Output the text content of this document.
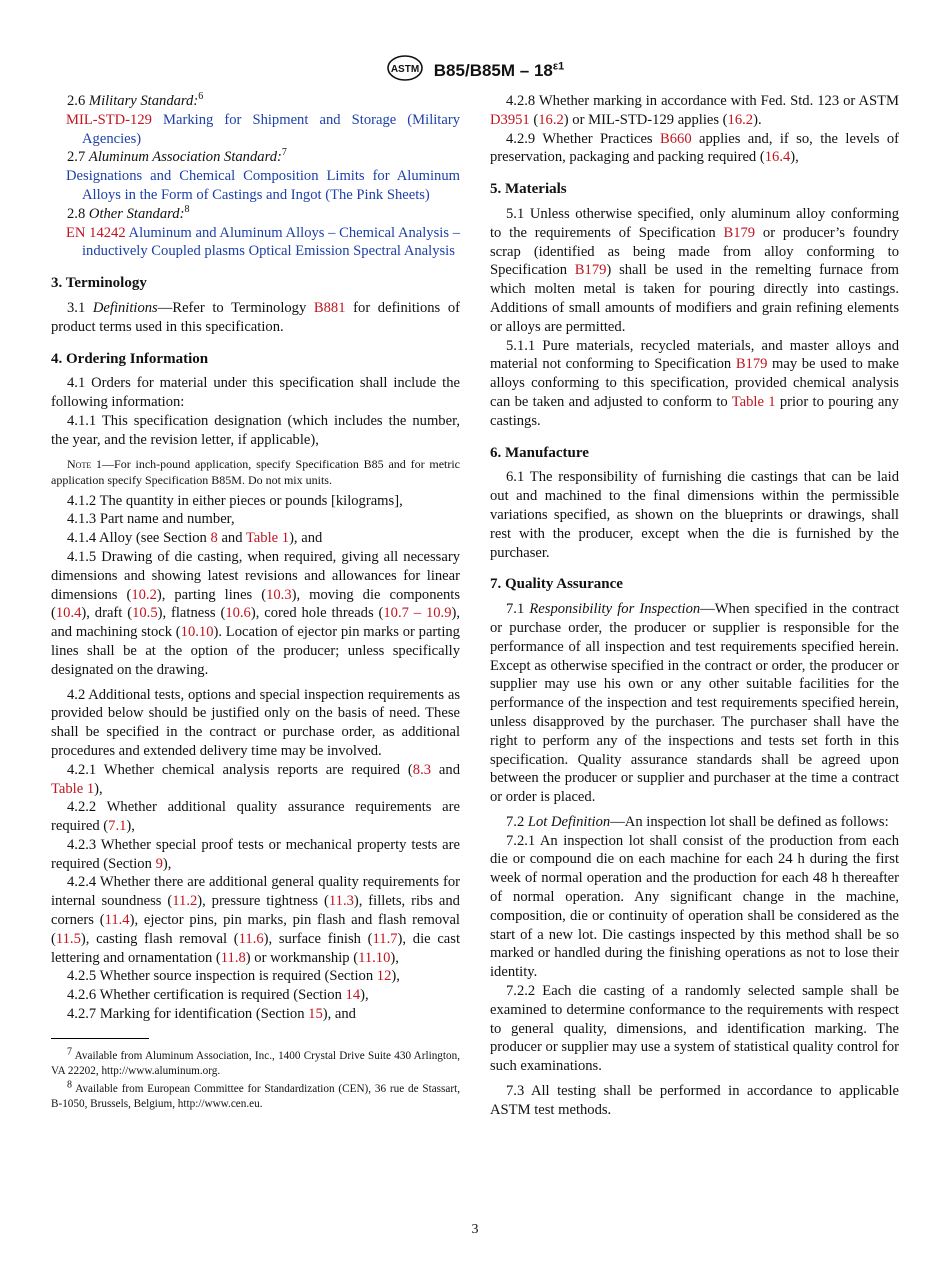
ASTM $B85/B85M - 18^{\varepsilon 1}$

2.6 Military Standard:$^6$

MIL-STD-129 Marking for Shipment and Storage (Military Agencies)

2.7 Aluminum Association Standard:$^7$

Designations and Chemical Composition Limits for Aluminum Alloys in the Form of Castings and Ingot (The Pink Sheets)

2.8 Other Standard:$^8$

EN 14242 Aluminum and Aluminum Alloys – Chemical Analysis – inductively Coupled plasms Optical Emission Spectral Analysis

3. Terminology

3.1 Definitions—Refer to Terminology B881 for definitions of product terms used in this specification.

4. Ordering Information

4.1 Orders for material under this specification shall include the following information:

4.1.1 This specification designation (which includes the number, the year, and the revision letter, if applicable),

Note 1—For inch-pound application, specify Specification B85 and for metric application specify Specification B85M. Do not mix units.

4.1.2 The quantity in either pieces or pounds [kilograms],

4.1.3 Part name and number,

4.1.4 Alloy (see Section 8 and Table 1), and

4.1.5 Drawing of die casting, when required, giving all necessary dimensions and showing latest revisions and allowances for linear dimensions (10.2), parting lines (10.3), moving die components (10.4), draft (10.5), flatness (10.6), cored hole threads (10.7 – 10.9), and machining stock (10.10). Location of ejector pin marks or parting lines shall be at the option of the producer; unless specifically designated on the drawing.

4.2 Additional tests, options and special inspection requirements as provided below should be justified only on the basis of need. These shall be specified in the contract or purchase order, as additional procedures and extended delivery time may be involved.

4.2.1 Whether chemical analysis reports are required (8.3 and Table 1),

4.2.2 Whether additional quality assurance requirements are required (7.1),

4.2.3 Whether special proof tests or mechanical property tests are required (Section 9),

4.2.4 Whether there are additional general quality requirements for internal soundness (11.2), pressure tightness (11.3), fillets, ribs and corners (11.4), ejector pins, pin marks, pin flash and flash removal (11.5), casting flash removal (11.6), surface finish (11.7), die cast lettering and ornamentation (11.8) or workmanship (11.10),

4.2.5 Whether source inspection is required (Section 12),

4.2.6 Whether certification is required (Section 14),

4.2.7 Marking for identification (Section 15), and

$^7$ Available from Aluminum Association, Inc., 1400 Crystal Drive Suite 430 Arlington, VA 22202, http://www.aluminum.org.

$^8$ Available from European Committee for Standardization (CEN), 36 rue de Stassart, B-1050, Brussels, Belgium, http://www.cen.eu.

4.2.8 Whether marking in accordance with Fed. Std. 123 or ASTM D3951 (16.2) or MIL-STD-129 applies (16.2).

4.2.9 Whether Practices B660 applies and, if so, the levels of preservation, packaging and packing required (16.4),

5. Materials

5.1 Unless otherwise specified, only aluminum alloy conforming to the requirements of Specification B179 or producer’s foundry scrap (identified as being made from alloy conforming to Specification B179) shall be used in the remelting furnace from which molten metal is taken for pouring directly into castings. Additions of small amounts of modifiers and grain refining elements or alloys are permitted.

5.1.1 Pure materials, recycled materials, and master alloys and material not conforming to Specification B179 may be used to make alloys conforming to this specification, provided chemical analysis can be taken and adjusted to conform to Table 1 prior to pouring any castings.

6. Manufacture

6.1 The responsibility of furnishing die castings that can be laid out and machined to the final dimensions within the permissible variations specified, as shown on the blueprints or drawings, shall rest with the producer, except when the die is furnished by the purchaser.

7. Quality Assurance

7.1 Responsibility for Inspection—When specified in the contract or purchase order, the producer or supplier is responsible for the performance of all inspection and test requirements specified herein. Except as otherwise specified in the contract or order, the producer or supplier may use his own or any other suitable facilities for the performance of the inspection and test requirements specified herein, unless disapproved by the purchaser. The purchaser shall have the right to perform any of the inspections and tests set forth in this specification. Quality assurance standards shall be agreed upon between the producer or supplier and purchaser at the time a contract or order is placed.

7.2 Lot Definition—An inspection lot shall be defined as follows:

7.2.1 An inspection lot shall consist of the production from each die or compound die on each machine for each 24 h during the first week of normal operation and the production for each 48 h thereafter of normal operation. Any significant change in the machine, composition, die or continuity of operation shall be considered as the start of a new lot. Die castings inspected by this method shall be so marked or handled during the finishing operations as not to lose their identity.

7.2.2 Each die casting of a randomly selected sample shall be examined to determine conformance to the requirements with respect to general quality, dimensions, and identification marking. The producer or supplier may use a system of statistical quality control for such examinations.

7.3 All testing shall be performed in accordance to applicable ASTM test methods.

3
